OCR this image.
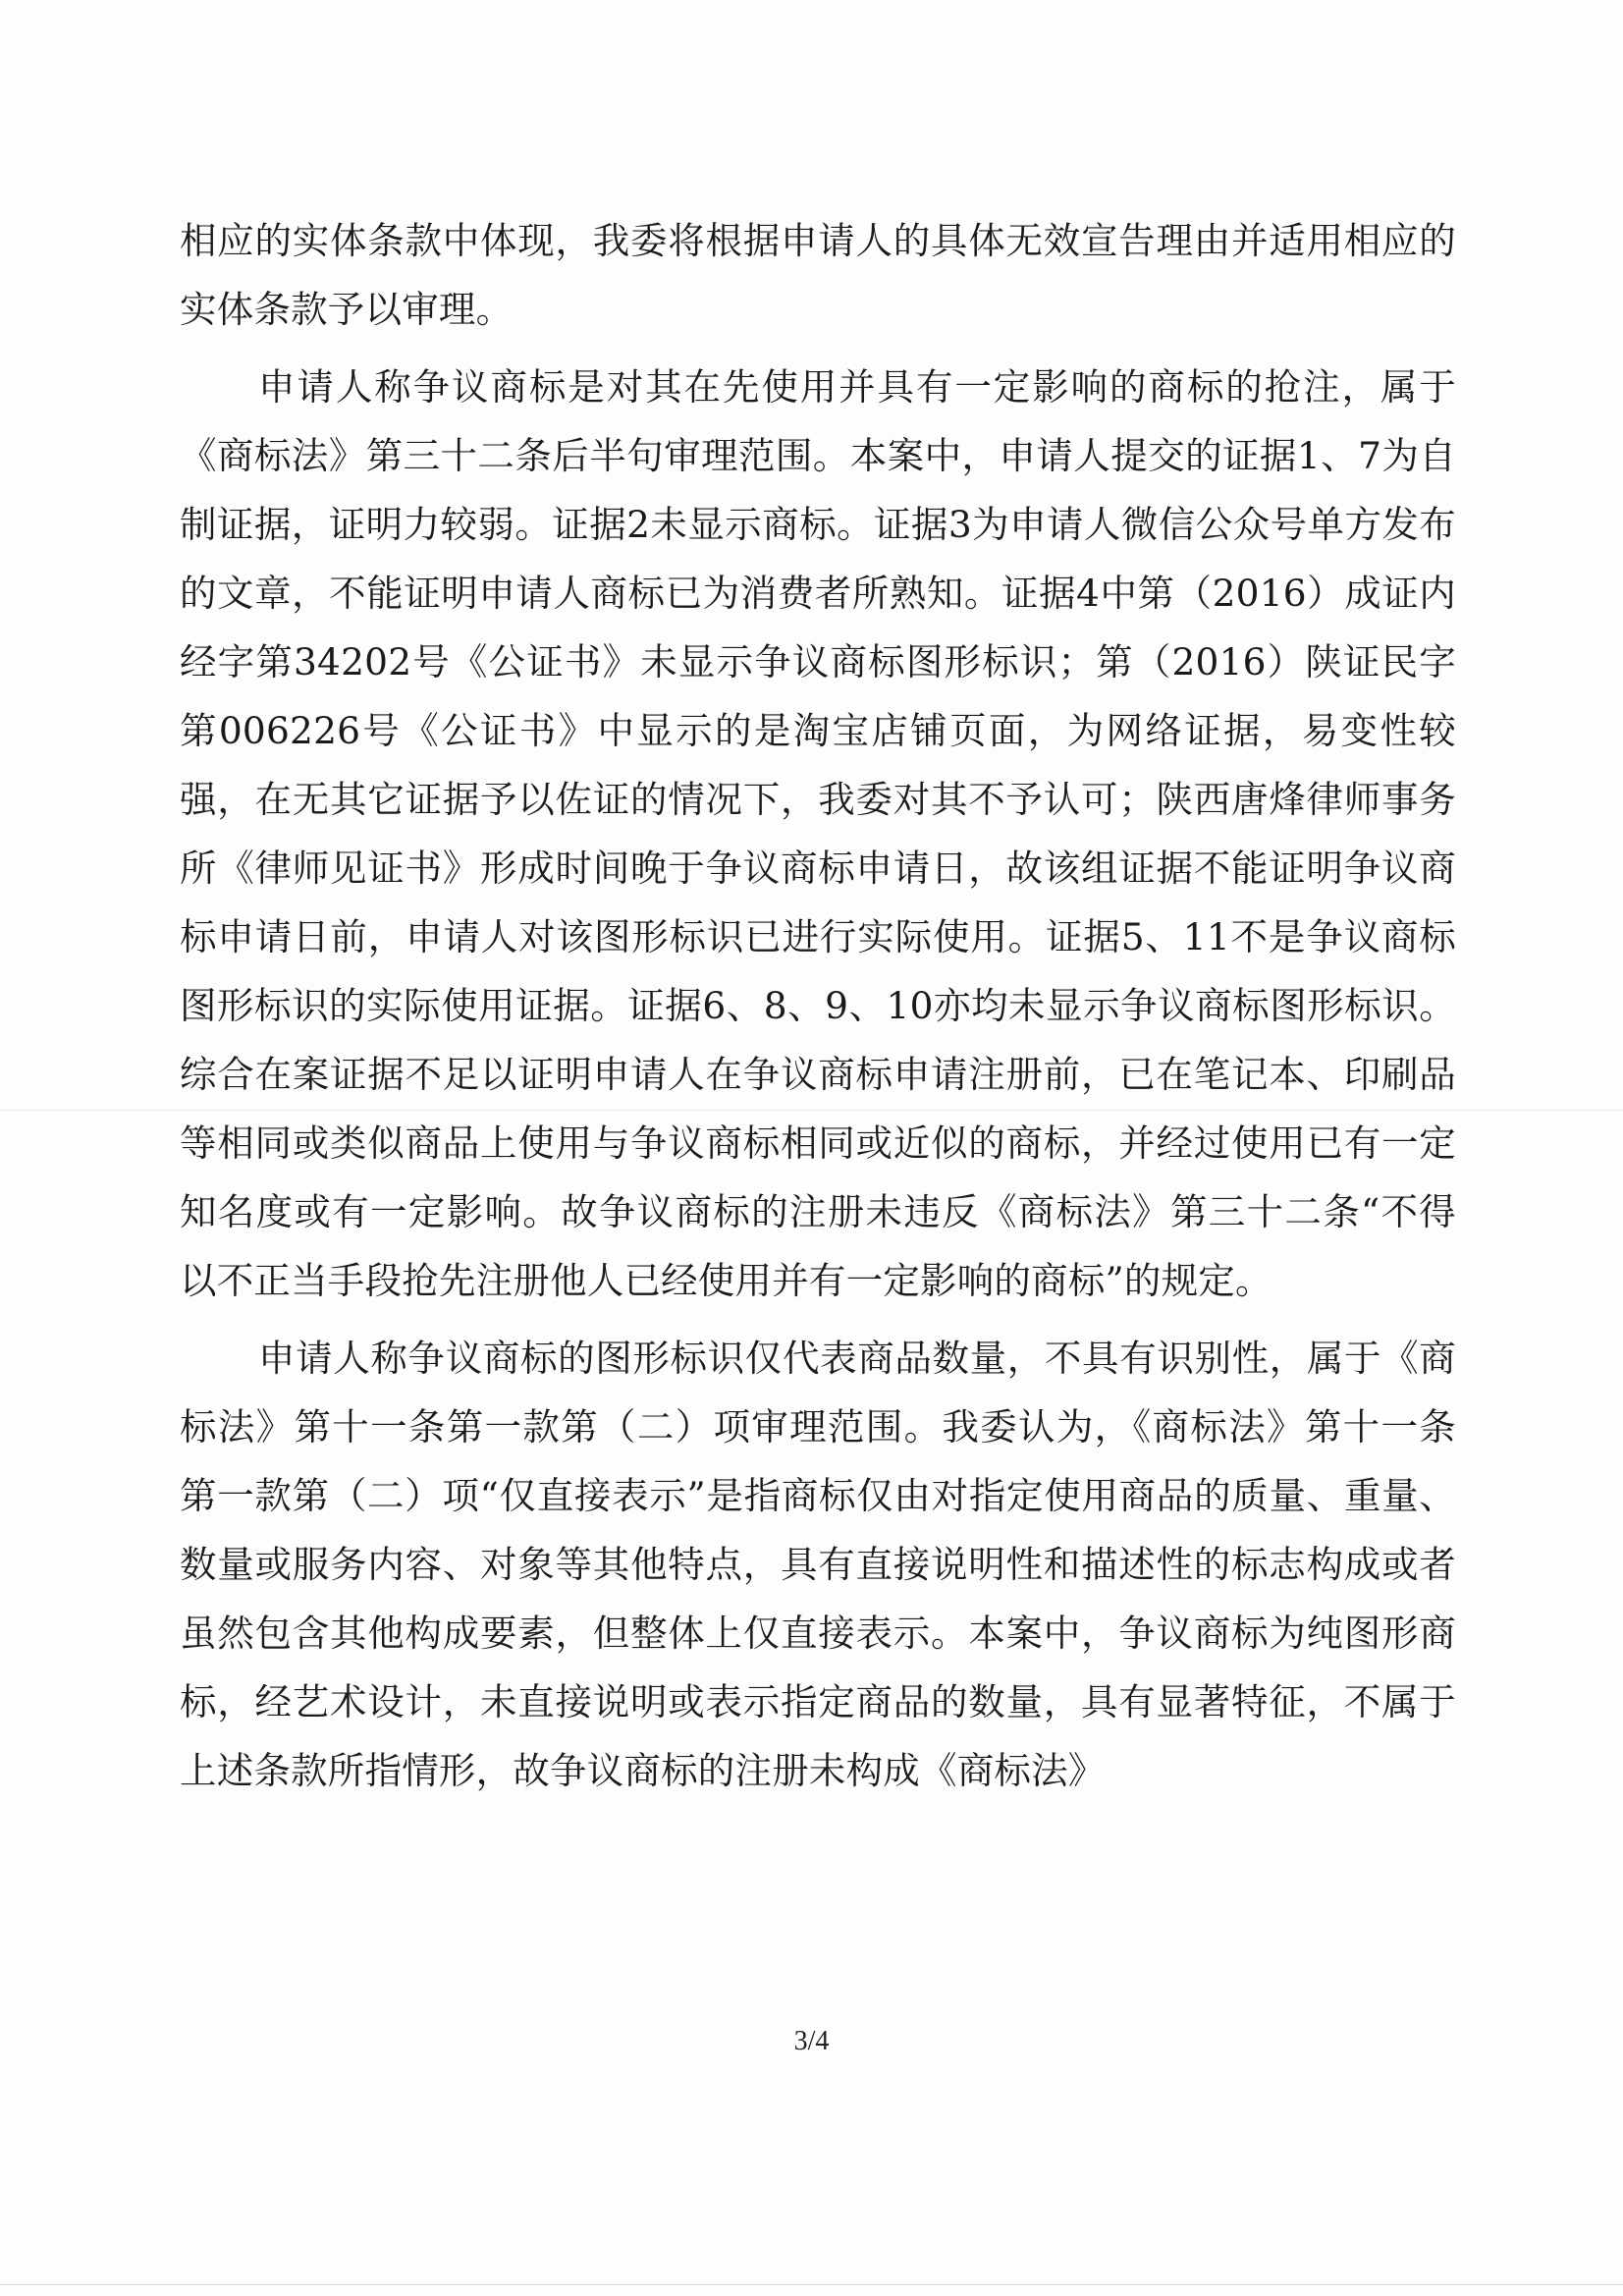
相应的实体条款中体现，我委将根据申请人的具体无效宣告理由并适用相应的实体条款予以审理。

申请人称争议商标是对其在先使用并具有一定影响的商标的抢注，属于《商标法》第三十二条后半句审理范围。本案中，申请人提交的证据1、7为自制证据，证明力较弱。证据2未显示商标。证据3为申请人微信公众号单方发布的文章，不能证明申请人商标已为消费者所熟知。证据4中第（2016）成证内经字第34202号《公证书》未显示争议商标图形标识；第（2016）陕证民字第006226号《公证书》中显示的是淘宝店铺页面，为网络证据，易变性较强，在无其它证据予以佐证的情况下，我委对其不予认可；陕西唐烽律师事务所《律师见证书》形成时间晚于争议商标申请日，故该组证据不能证明争议商标申请日前，申请人对该图形标识已进行实际使用。证据5、11不是争议商标图形标识的实际使用证据。证据6、8、9、10亦均未显示争议商标图形标识。综合在案证据不足以证明申请人在争议商标申请注册前，已在笔记本、印刷品等相同或类似商品上使用与争议商标相同或近似的商标，并经过使用已有一定知名度或有一定影响。故争议商标的注册未违反《商标法》第三十二条“不得以不正当手段抢先注册他人已经使用并有一定影响的商标”的规定。

申请人称争议商标的图形标识仅代表商品数量，不具有识别性，属于《商标法》第十一条第一款第（二）项审理范围。我委认为，《商标法》第十一条第一款第（二）项“仅直接表示”是指商标仅由对指定使用商品的质量、重量、数量或服务内容、对象等其他特点，具有直接说明性和描述性的标志构成或者虽然包含其他构成要素，但整体上仅直接表示。本案中，争议商标为纯图形商标，经艺术设计，未直接说明或表示指定商品的数量，具有显著特征，不属于上述条款所指情形，故争议商标的注册未构成《商标法》

3/4
